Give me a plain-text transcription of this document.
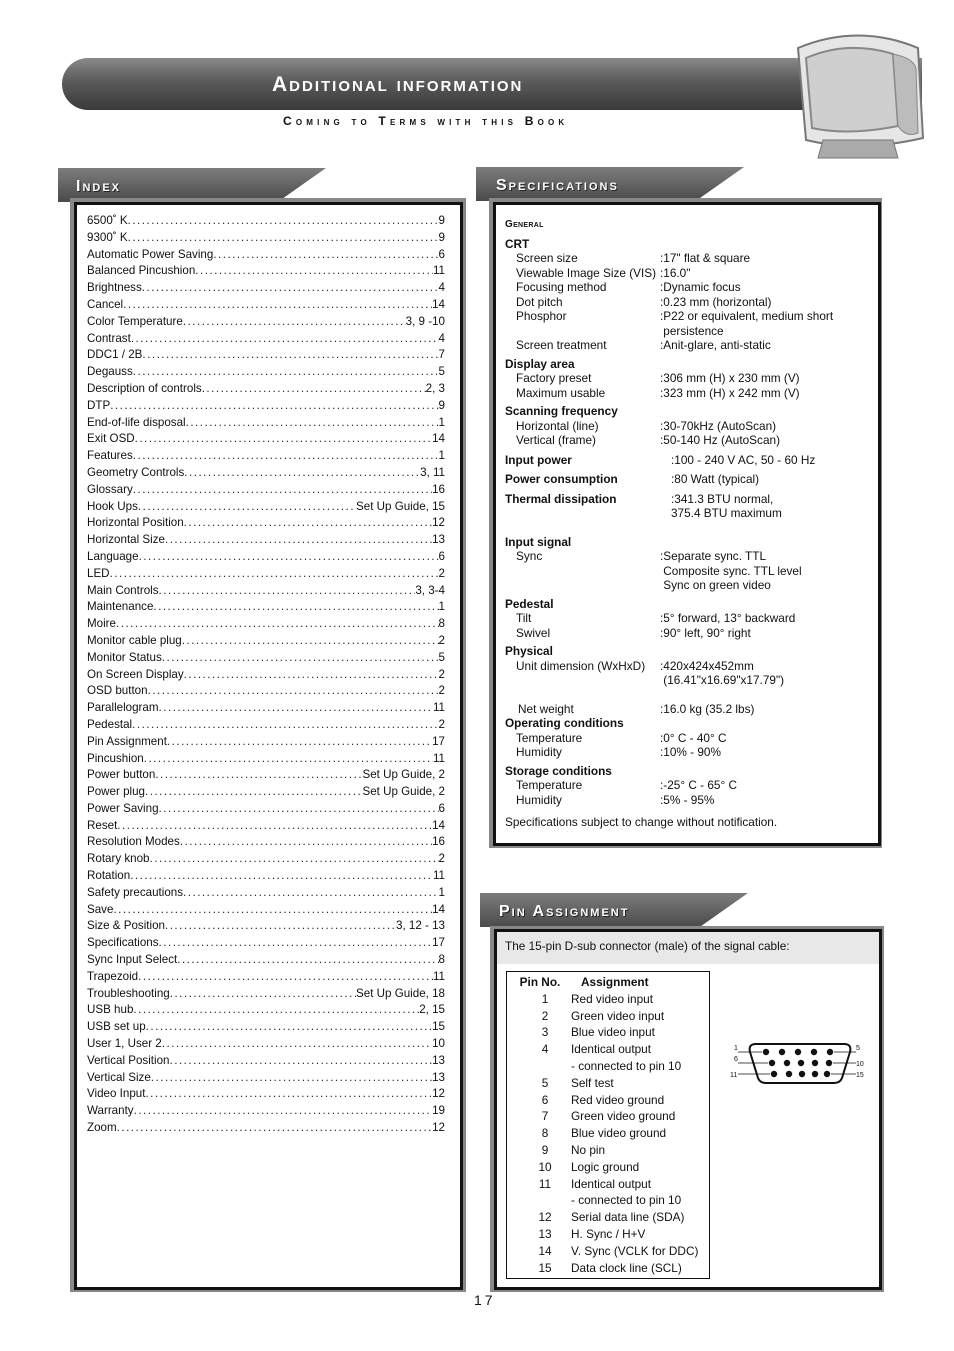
Additional information
Coming to Terms with this Book
Index
6500˚ K .....	9
9300˚ K .....	9
Automatic Power Saving .....	6
Balanced Pincushion .....	11
Brightness .....	4
Cancel .....	14
Color Temperature .....	3, 9 -10
Contrast .....	4
DDC1 / 2B .....	7
Degauss .....	5
Description of controls .....	2, 3
DTP .....	9
End-of-life disposal .....	1
Exit OSD .....	14
Features .....	1
Geometry Controls .....	3, 11
Glossary .....	16
Hook Ups .....	Set Up Guide, 15
Horizontal Position .....	12
Horizontal Size .....	13
Language .....	6
LED .....	2
Main Controls .....	3, 3-4
Maintenance .....	1
Moire .....	8
Monitor cable plug .....	2
Monitor Status .....	5
On Screen Display .....	2
OSD button .....	2
Parallelogram .....	11
Pedestal .....	2
Pin Assignment .....	17
Pincushion .....	11
Power button .....	Set Up Guide, 2
Power plug .....	Set Up Guide, 2
Power Saving .....	6
Reset .....	14
Resolution Modes .....	16
Rotary knob .....	2
Rotation .....	11
Safety precautions .....	1
Save .....	14
Size & Position .....	3, 12 - 13
Specifications .....	17
Sync Input Select .....	8
Trapezoid .....	11
Troubleshooting .....	Set Up Guide, 18
USB hub .....	2, 15
USB set up .....	15
User 1, User 2 .....	10
Vertical Position .....	13
Vertical Size .....	13
Video Input .....	12
Warranty .....	19
Zoom .....	12
Specifications
General
CRT
Screen size	:17" flat & square
Viewable Image Size (VIS) :16.0"
Focusing method	:Dynamic focus
Dot pitch	:0.23 mm (horizontal)
Phosphor	:P22 or equivalent, medium short
persistence
Screen treatment	:Anit-glare, anti-static
Display area
Factory preset	:306 mm (H) x 230 mm (V)
Maximum usable	:323 mm (H) x 242 mm (V)
Scanning frequency
Horizontal (line)	:30-70kHz (AutoScan)
Vertical (frame)	:50-140 Hz (AutoScan)
Input power	:100 - 240 V AC, 50 - 60 Hz
Power consumption	:80 Watt (typical)
Thermal dissipation	:341.3 BTU normal,
375.4 BTU maximum
Input signal
Sync	:Separate sync. TTL
Composite sync. TTL level
Sync on green video
Pedestal
Tilt	:5° forward, 13° backward
Swivel	:90° left, 90° right
Physical
Unit dimension (WxHxD)	:420x424x452mm
(16.41"x16.69"x17.79")
Net weight	:16.0 kg (35.2 lbs)
Operating conditions
Temperature	:0° C - 40° C
Humidity	:10% - 90%
Storage conditions
Temperature	:-25° C - 65° C
Humidity	:5% - 95%
Specifications subject to change without notification.
Pin Assignment
The 15-pin D-sub connector (male) of the signal cable:
Pin No.	Assignment
1	Red video input
2	Green video input
3	Blue video input
4	Identical output
- connected to pin 10
5	Self test
6	Red video ground
7	Green video ground
8	Blue video ground
9	No pin
10	Logic ground
11	Identical output
- connected to pin 10
12	Serial data line (SDA)
13	H. Sync / H+V
14	V. Sync (VCLK for DDC)
15	Data clock line (SCL)
1	5
6
10
11	15
17
